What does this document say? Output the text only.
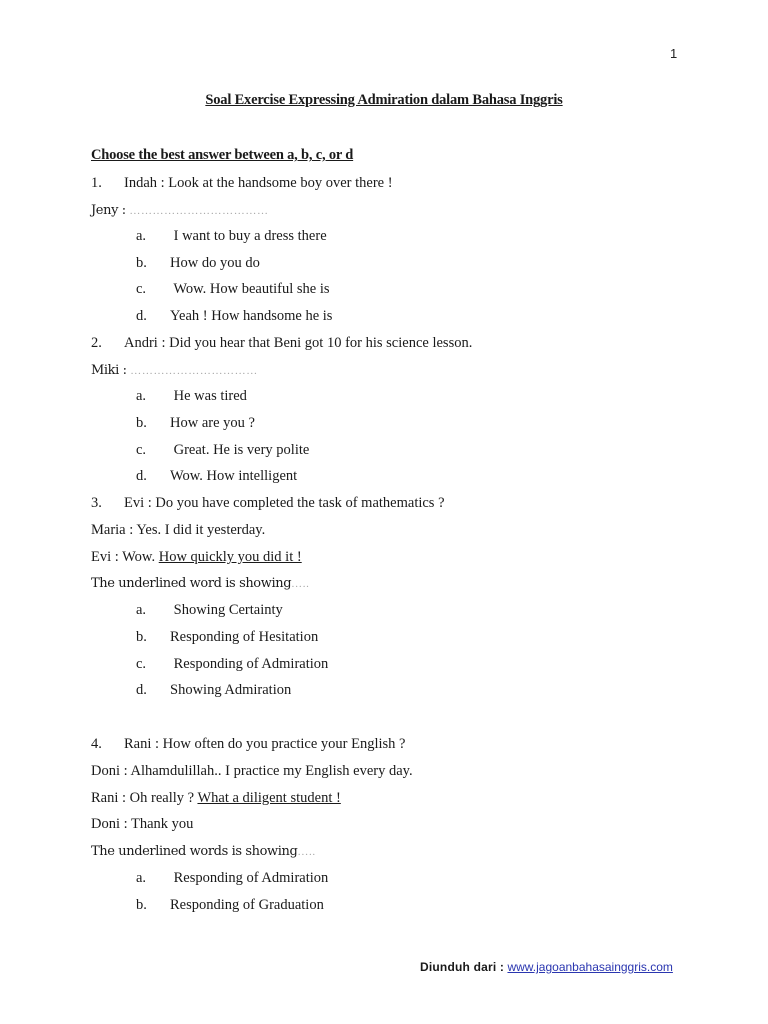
1
Soal Exercise Expressing Admiration dalam Bahasa Inggris
Choose the best answer between a, b, c, or d
1. Indah : Look at the handsome boy over there !
Jeny : ………………………………
a. I want to buy a dress there
b. How do you do
c. Wow. How beautiful she is
d. Yeah ! How handsome he is
2. Andri : Did you hear that Beni got 10 for his science lesson.
Miki : ……………………………
a. He was tired
b. How are you ?
c. Great. He is very polite
d. Wow. How intelligent
3. Evi : Do you have completed the task of mathematics ?
Maria : Yes. I did it yesterday.
Evi : Wow. How quickly you did it !
The underlined word is showing…..
a. Showing Certainty
b. Responding of Hesitation
c. Responding of Admiration
d. Showing Admiration
4. Rani : How often do you practice your English ?
Doni : Alhamdulillah.. I practice my English every day.
Rani : Oh really ? What a diligent student !
Doni : Thank you
The underlined words is showing…..
a. Responding of Admiration
b. Responding of Graduation
Diunduh dari : www.jagoanbahasainggris.com
